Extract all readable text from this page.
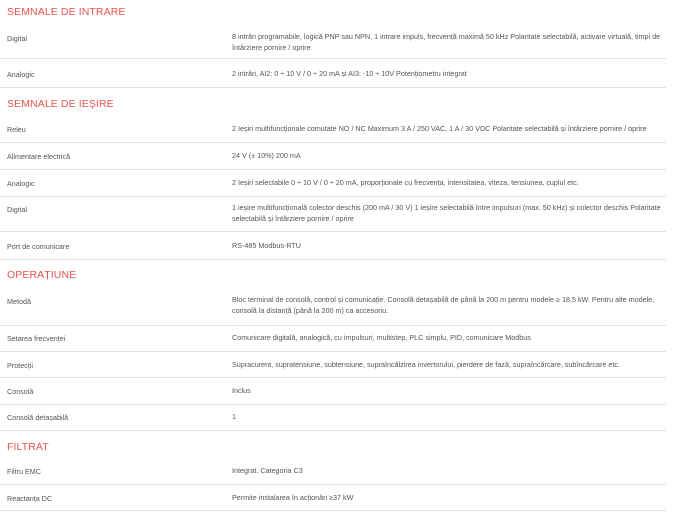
SEMNALE DE INTRARE
Digital	8 intrări programabile, logică PNP sau NPN, 1 intrare impuls, frecvență maximă 50 kHz Polaritate selectabilă, activare virtuală, timpi de întârziere pornire / oprire
Analogic	2 intrări, AI2: 0 ÷ 10 V / 0 ÷ 20 mA și AI3: -10 ÷ 10V Potențiometru integrat
SEMNALE DE IEȘIRE
Releu	2 Ieșiri multifuncționale comutate NO / NC Maximum 3 A / 250 VAC, 1 A / 30 VDC Polaritate selectabilă și întârziere pornire / oprire
Alimentare electrică	24 V (± 10%) 200 mA
Analogic	2 Ieșiri selectabile 0 ÷ 10 V / 0 ÷ 20 mA, proporționale cu frecvența, intensitatea, viteza, tensiunea, cuplul etc.
Digital	1 ieșire multifuncțională colector deschis (200 mA / 30 V) 1 ieșire selectabilă între impulsuri (max. 50 kHz) și colector deschis Polaritate selectabilă și întârziere pornire / oprire
Port de comunicare	RS-485 Modbus-RTU
OPERAȚIUNE
Metodă	Bloc terminal de consolă, control și comunicație. Consolă detașabilă de până la 200 m pentru modele ≥ 18,5 kW. Pentru alte modele, consolă la distanță (până la 200 m) ca accesoriu.
Setarea frecvenței	Comunicare digitală, analogică, cu impulsuri, multistep, PLC simplu, PID, comunicare Modbus
Protecții	Supracurent, supratensiune, subtensiune, supraîncălzirea invertorului, pierdere de fază, supraîncărcare, subîncărcare etc.
Consolă	Inclus
Consolă detașabilă	1
FILTRAT
Filtru EMC	Integrat. Categoria C3
Reactanța DC	Permite instalarea în acționări ≥37 kW
